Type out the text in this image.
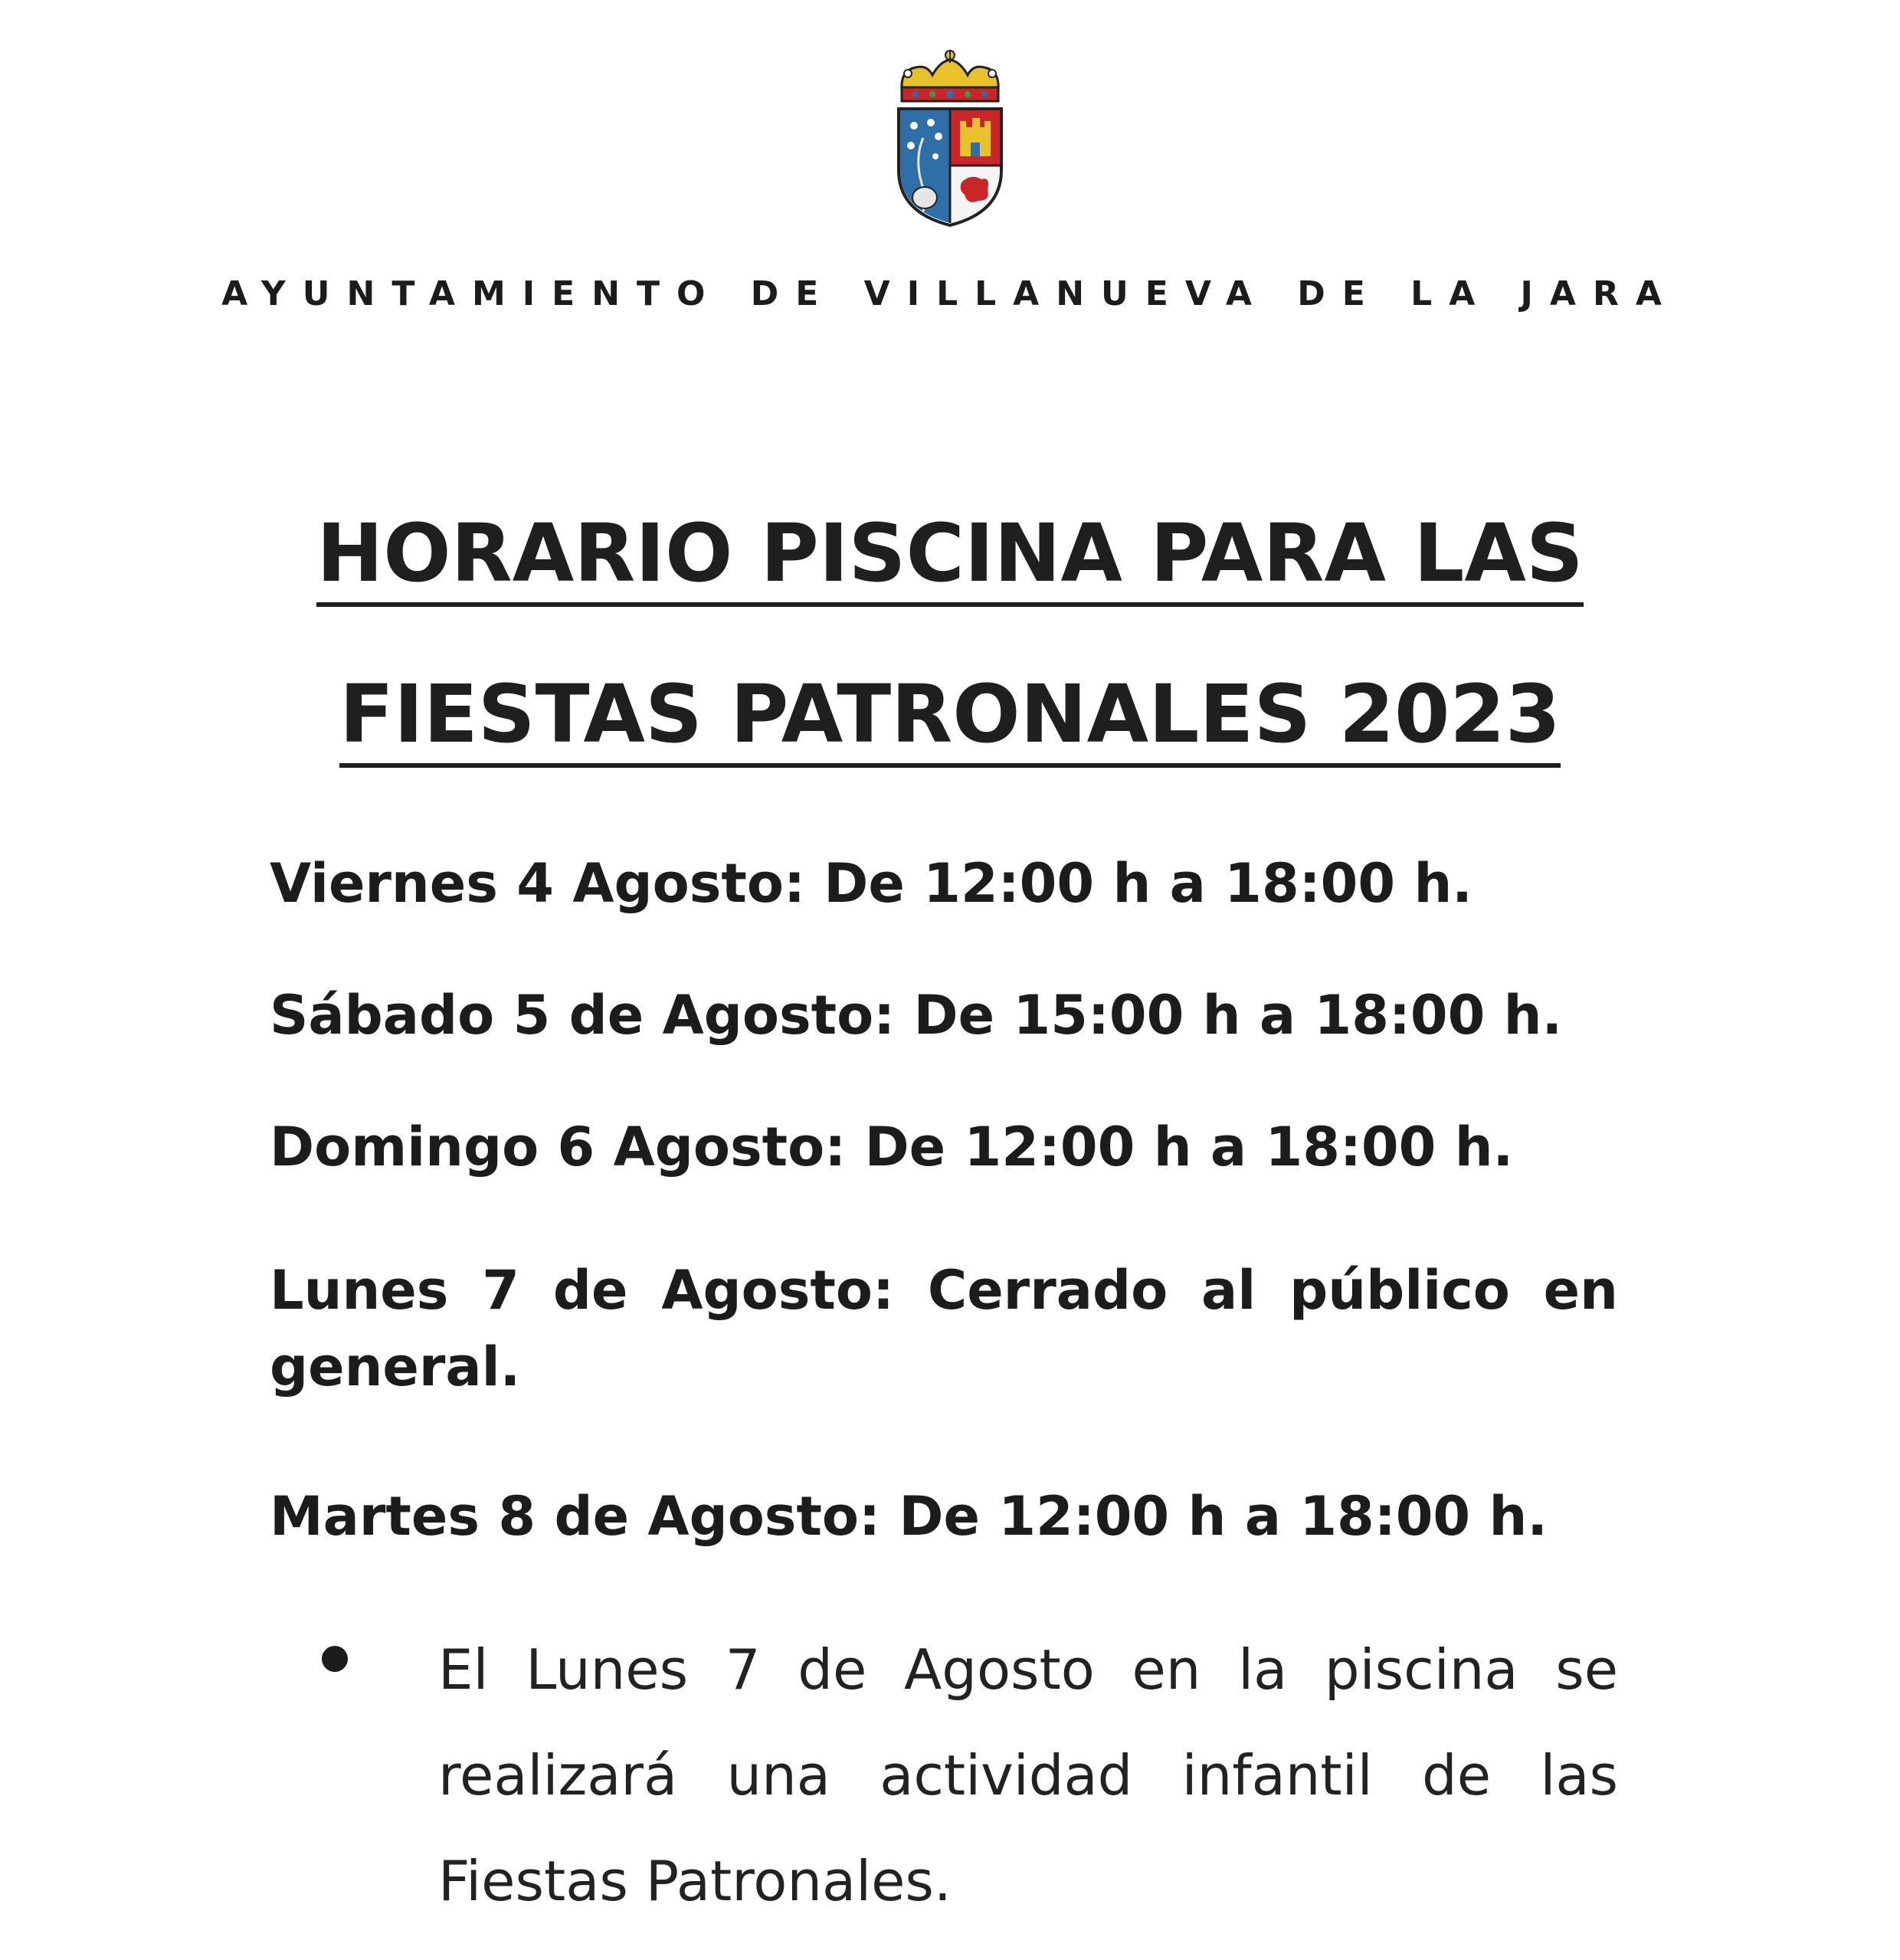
AYUNTAMIENTO DE VILLANUEVA DE LA JARA
HORARIO PISCINA PARA LAS
FIESTAS PATRONALES 2023
Viernes 4 Agosto: De 12:00 h a 18:00 h.
Sábado 5 de Agosto: De 15:00 h a 18:00 h.
Domingo 6 Agosto: De 12:00 h a 18:00 h.
Lunes 7 de Agosto: Cerrado al público en general.
Martes 8 de Agosto: De 12:00 h a 18:00 h.
El Lunes 7 de Agosto en la piscina se realizará una actividad infantil de las Fiestas Patronales.
